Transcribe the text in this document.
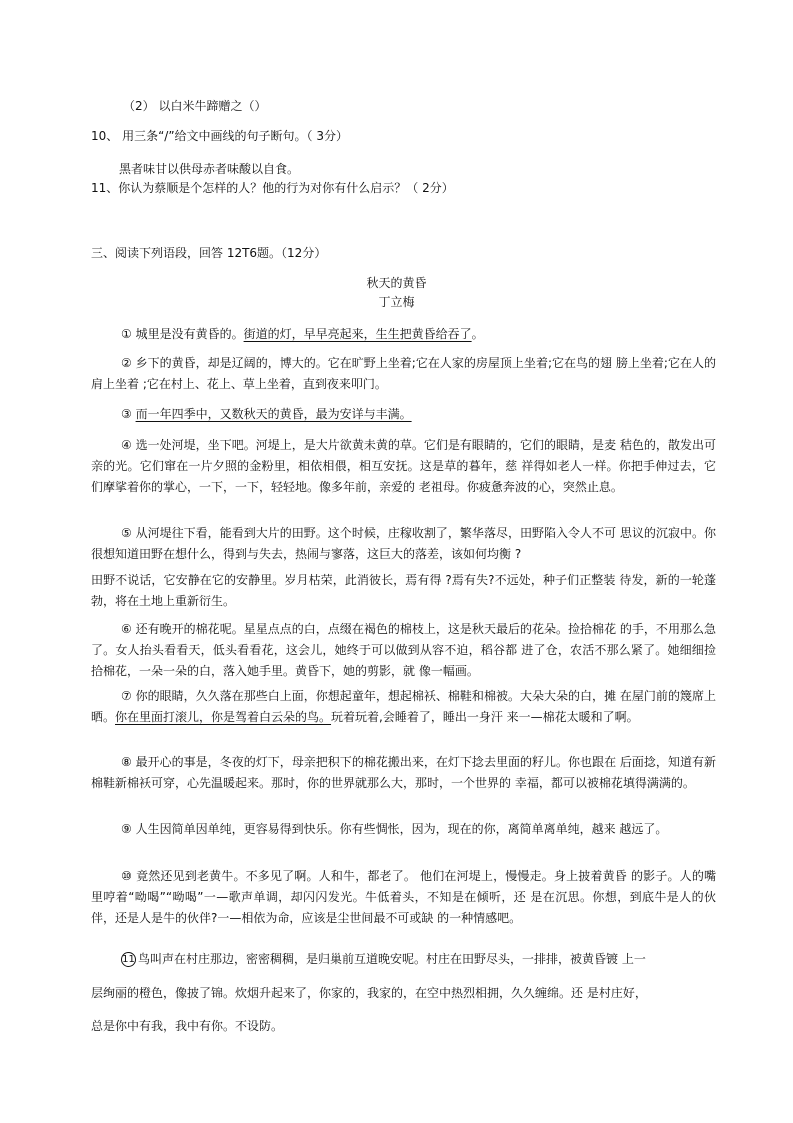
（2） 以白米牛蹄赠之（）
10、 用三条“/”给文中画线的句子断句。（ 3分）
黑者味甘以供母赤者味酸以自食。
11、你认为蔡顺是个怎样的人？他的行为对你有什么启示？（ 2分）
三、阅读下列语段，回答 12T6题。（12分）
秋天的黄昏
丁立梅
① 城里是没有黄昏的。街道的灯，早早亮起来，生生把黄昏给吞了。
② 乡下的黄昏，却是辽阔的，博大的。它在旷野上坐着;它在人家的房屋顶上坐着;它在鸟的翅 膀上坐着;它在人的肩上坐着 ;它在村上、花上、草上坐着，直到夜来叩门。
③ 而一年四季中，又数秋天的黄昏，最为安详与丰满。
④ 选一处河堤，坐下吧。河堤上，是大片欲黄未黄的草。它们是有眼睛的，它们的眼睛，是麦 秸色的，散发出可亲的光。它们窜在一片夕照的金粉里，相依相偎，相互安抚。这是草的暮年，慈 祥得如老人一样。你把手伸过去，它们摩挲着你的掌心，一下，一下，轻轻地。像多年前，亲爱的 老祖母。你疲惫奔波的心，突然止息。
⑤ 从河堤往下看，能看到大片的田野。这个时候，庄稼收割了，繁华落尽，田野陷入令人不可 思议的沉寂中。你很想知道田野在想什么，得到与失去，热闹与寥落，这巨大的落差，该如何均衡 ?
田野不说话，它安静在它的安静里。岁月枯荣，此消彼长，焉有得 ?焉有失?不远处，种子们正整装 待发，新的一轮蓬勃，将在土地上重新衍生。
⑥ 还有晚开的棉花呢。星星点点的白，点缀在褐色的棉枝上，这是秋天最后的花朵。捡拾棉花 的手，不用那么急了。女人抬头看看天，低头看看花，这会儿，她终于可以做到从容不迫，稻谷都 进了仓，农活不那么紧了。她细细捡拾棉花，一朵一朵的白，落入她手里。黄昏下，她的剪影，就 像一幅画。
⑦ 你的眼睛，久久落在那些白上面，你想起童年，想起棉袄、棉鞋和棉被。大朵大朵的白，摊 在屋门前的篾席上晒。你在里面打滚儿，你是驾着白云朵的鸟。玩着玩着,会睡着了，睡出一身汗 来一—棉花太暖和了啊。
⑧ 最开心的事是，冬夜的灯下，母亲把积下的棉花搬出来，在灯下捻去里面的籽儿。你也跟在 后面捻，知道有新棉鞋新棉袄可穿，心先温暖起来。那时，你的世界就那么大，那时，一个世界的 幸福，都可以被棉花填得满满的。
⑨ 人生因简单因单纯，更容易得到快乐。你有些惆怅，因为，现在的你，离简单离单纯，越来 越远了。
⑩ 竟然还见到老黄牛。不多见了啊。人和牛，都老了。 他们在河堤上，慢慢走。身上披着黄昏 的影子。人的嘴里哼着“呦喝”“呦喝”一—歌声单调，却闪闪发光。牛低着头，不知是在倾听，还 是在沉思。你想，到底牛是人的伙伴，还是人是牛的伙伴?一—相依为命，应该是尘世间最不可或缺 的一种情感吧。
11 鸟叫声在村庄那边，密密稠稠，是归巢前互道晚安呢。村庄在田野尽头，一排排，被黄昏镀 上一
层绚丽的橙色，像披了锦。炊烟升起来了，你家的，我家的，在空中热烈相拥，久久缠绵。还 是村庄好，
总是你中有我，我中有你。不设防。
